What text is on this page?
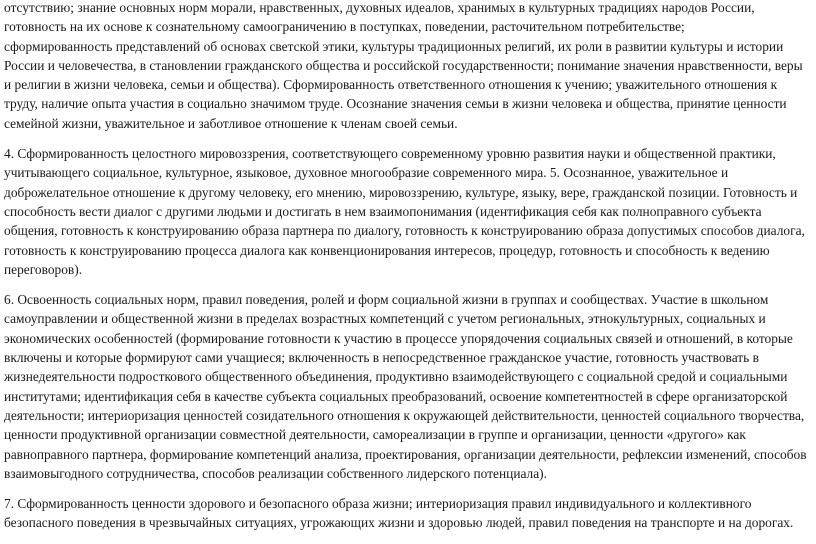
отсутствию; знание основных норм морали, нравственных, духовных идеалов, хранимых в культурных традициях народов России,
готовность на их основе к сознательному самоограничению в поступках, поведении, расточительном потребительстве;
сформированность представлений об основах светской этики, культуры традиционных религий, их роли в развитии культуры и истории
России и человечества, в становлении гражданского общества и российской государственности; понимание значения нравственности, веры
и религии в жизни человека, семьи и общества). Сформированность ответственного отношения к учению; уважительного отношения к
труду, наличие опыта участия в социально значимом труде. Осознание значения семьи в жизни человека и общества, принятие ценности
семейной жизни, уважительное и заботливое отношение к членам своей семьи.
4. Сформированность целостного мировоззрения, соответствующего современному уровню развития науки и общественной практики,
учитывающего социальное, культурное, языковое, духовное многообразие современного мира. 5. Осознанное, уважительное и
доброжелательное отношение к другому человеку, его мнению, мировоззрению, культуре, языку, вере, гражданской позиции. Готовность и
способность вести диалог с другими людьми и достигать в нем взаимопонимания (идентификация себя как полноправного субъекта
общения, готовность к конструированию образа партнера по диалогу, готовность к конструированию образа допустимых способов диалога,
готовность к конструированию процесса диалога как конвенционирования интересов, процедур, готовность и способность к ведению
переговоров).
6. Освоенность социальных норм, правил поведения, ролей и форм социальной жизни в группах и сообществах. Участие в школьном
самоуправлении и общественной жизни в пределах возрастных компетенций с учетом региональных, этнокультурных, социальных и
экономических особенностей (формирование готовности к участию в процессе упорядочения социальных связей и отношений, в которые
включены и которые формируют сами учащиеся; включенность в непосредственное гражданское участие, готовность участвовать в
жизнедеятельности подросткового общественного объединения, продуктивно взаимодействующего с социальной средой и социальными
институтами; идентификация себя в качестве субъекта социальных преобразований, освоение компетентностей в сфере организаторской
деятельности; интериоризация ценностей созидательного отношения к окружающей действительности, ценностей социального творчества,
ценности продуктивной организации совместной деятельности, самореализации в группе и организации, ценности «другого» как
равноправного партнера, формирование компетенций анализа, проектирования, организации деятельности, рефлексии изменений, способов
взаимовыгодного сотрудничества, способов реализации собственного лидерского потенциала).
7. Сформированность ценности здорового и безопасного образа жизни; интериоризация правил индивидуального и коллективного
безопасного поведения в чрезвычайных ситуациях, угрожающих жизни и здоровью людей, правил поведения на транспорте и на дорогах.
